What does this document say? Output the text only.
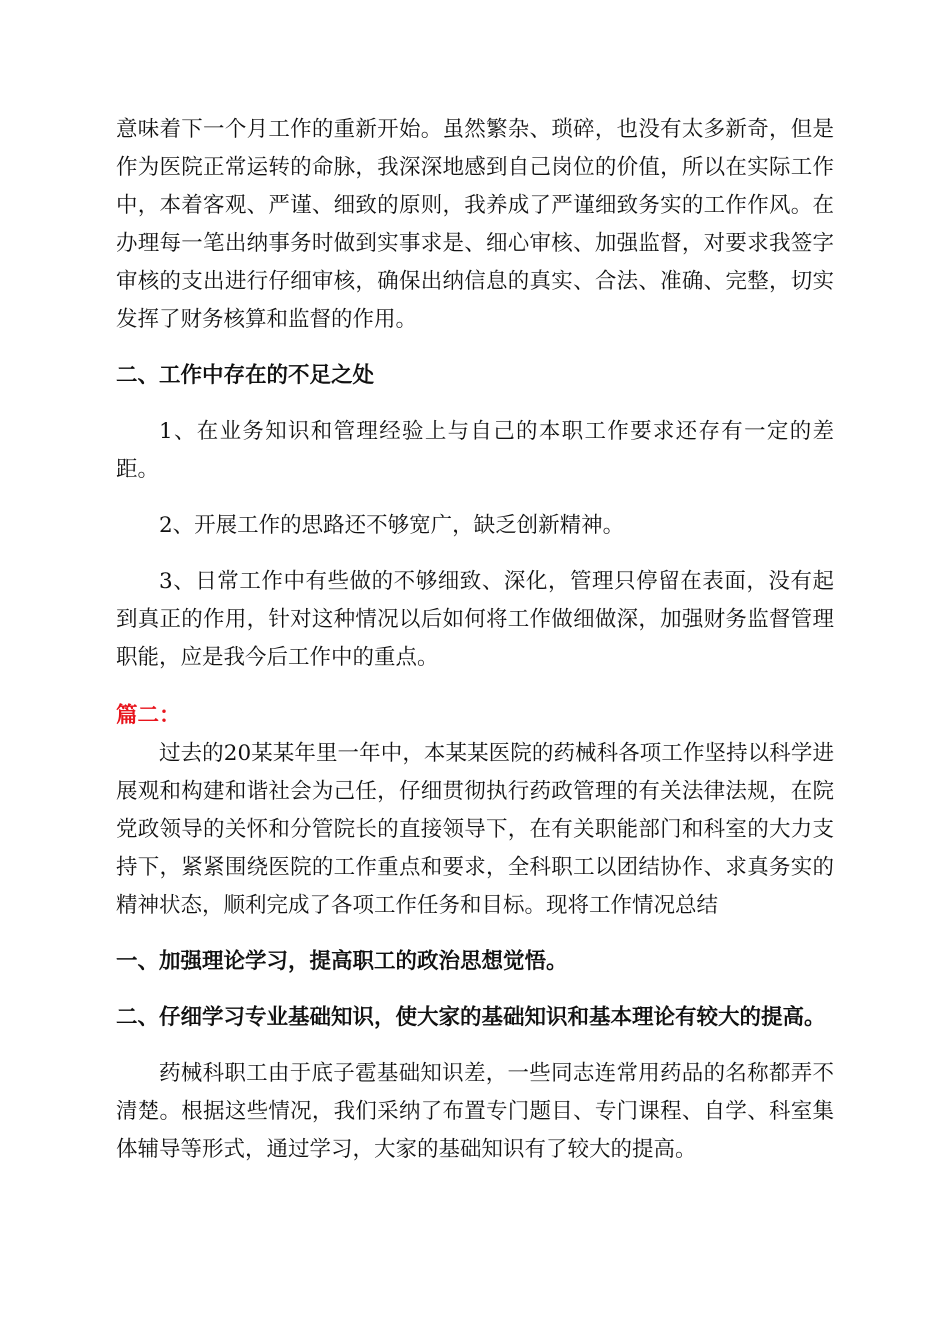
意味着下一个月工作的重新开始。虽然繁杂、琐碎，也没有太多新奇，但是作为医院正常运转的命脉，我深深地感到自己岗位的价值，所以在实际工作中，本着客观、严谨、细致的原则，我养成了严谨细致务实的工作作风。在办理每一笔出纳事务时做到实事求是、细心审核、加强监督，对要求我签字审核的支出进行仔细审核，确保出纳信息的真实、合法、准确、完整，切实发挥了财务核算和监督的作用。

二、工作中存在的不足之处

1、在业务知识和管理经验上与自己的本职工作要求还存有一定的差距。

2、开展工作的思路还不够宽广，缺乏创新精神。

3、日常工作中有些做的不够细致、深化，管理只停留在表面，没有起到真正的作用，针对这种情况以后如何将工作做细做深，加强财务监督管理职能，应是我今后工作中的重点。

篇二：

过去的20某某年里一年中，本某某医院的药械科各项工作坚持以科学进展观和构建和谐社会为己任，仔细贯彻执行药政管理的有关法律法规，在院党政领导的关怀和分管院长的直接领导下，在有关职能部门和科室的大力支持下，紧紧围绕医院的工作重点和要求，全科职工以团结协作、求真务实的精神状态，顺利完成了各项工作任务和目标。现将工作情况总结

一、加强理论学习，提高职工的政治思想觉悟。

二、仔细学习专业基础知识，使大家的基础知识和基本理论有较大的提高。

药械科职工由于底子雹基础知识差，一些同志连常用药品的名称都弄不清楚。根据这些情况，我们采纳了布置专门题目、专门课程、自学、科室集体辅导等形式，通过学习，大家的基础知识有了较大的提高。
